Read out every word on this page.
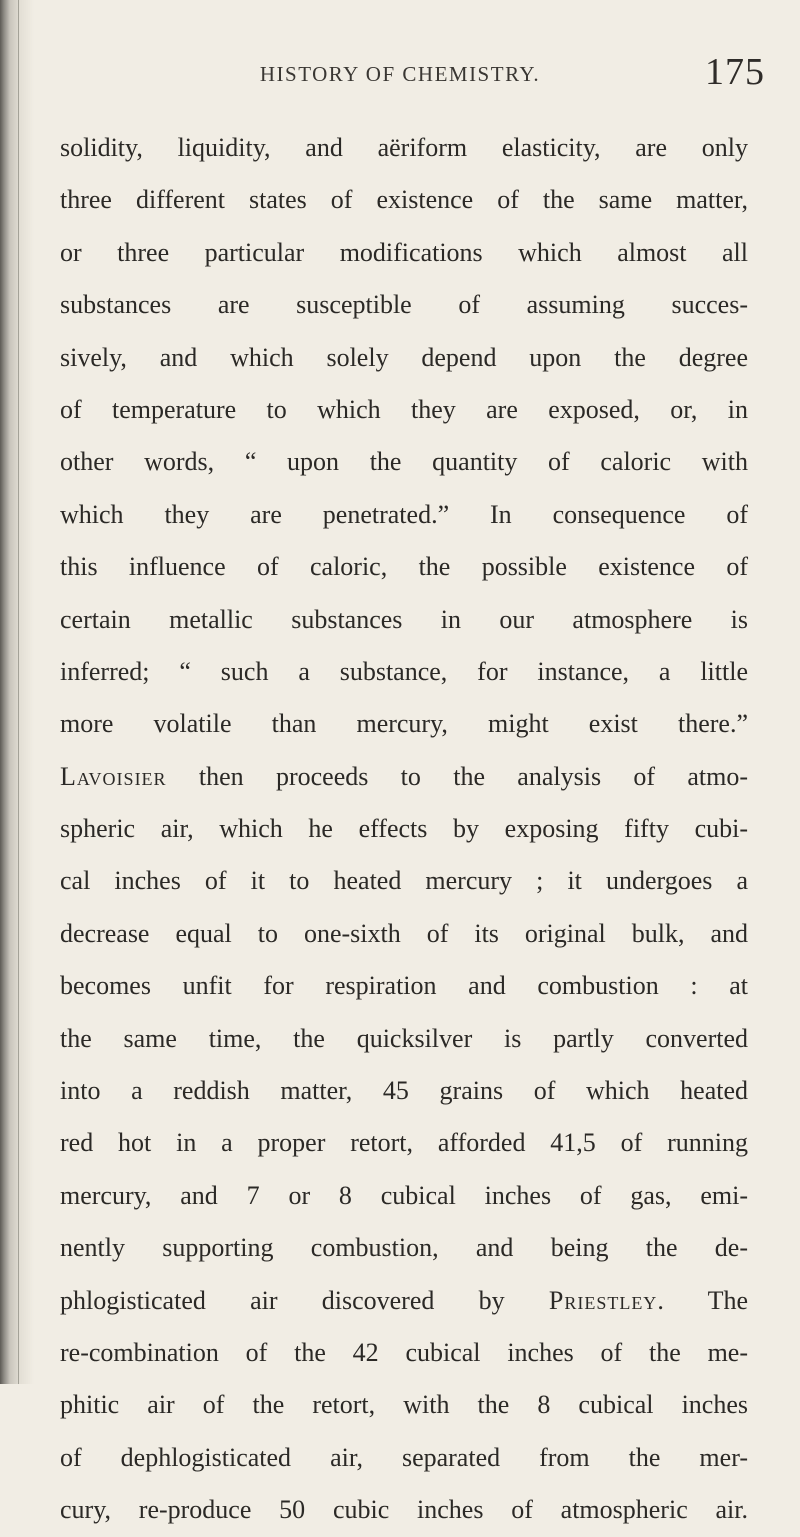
HISTORY OF CHEMISTRY.	175
solidity, liquidity, and aëriform elasticity, are only
three different states of existence of the same matter,
or three particular modifications which almost all
substances are susceptible of assuming succes-
sively, and which solely depend upon the degree
of temperature to which they are exposed, or, in
other words, “ upon the quantity of caloric with
which they are penetrated.” In consequence of
this influence of caloric, the possible existence of
certain metallic substances in our atmosphere is
inferred; “ such a substance, for instance, a little
more volatile than mercury, might exist there.”
Lavoisier then proceeds to the analysis of atmo-
spheric air, which he effects by exposing fifty cubi-
cal inches of it to heated mercury ; it undergoes a
decrease equal to one-sixth of its original bulk, and
becomes unfit for respiration and combustion : at
the same time, the quicksilver is partly converted
into a reddish matter, 45 grains of which heated
red hot in a proper retort, afforded 41,5 of running
mercury, and 7 or 8 cubical inches of gas, emi-
nently supporting combustion, and being the de-
phlogisticated air discovered by Priestley. The
re-combination of the 42 cubical inches of the me-
phitic air of the retort, with the 8 cubical inches
of dephlogisticated air, separated from the mer-
cury, re-produce 50 cubic inches of atmospheric air.
